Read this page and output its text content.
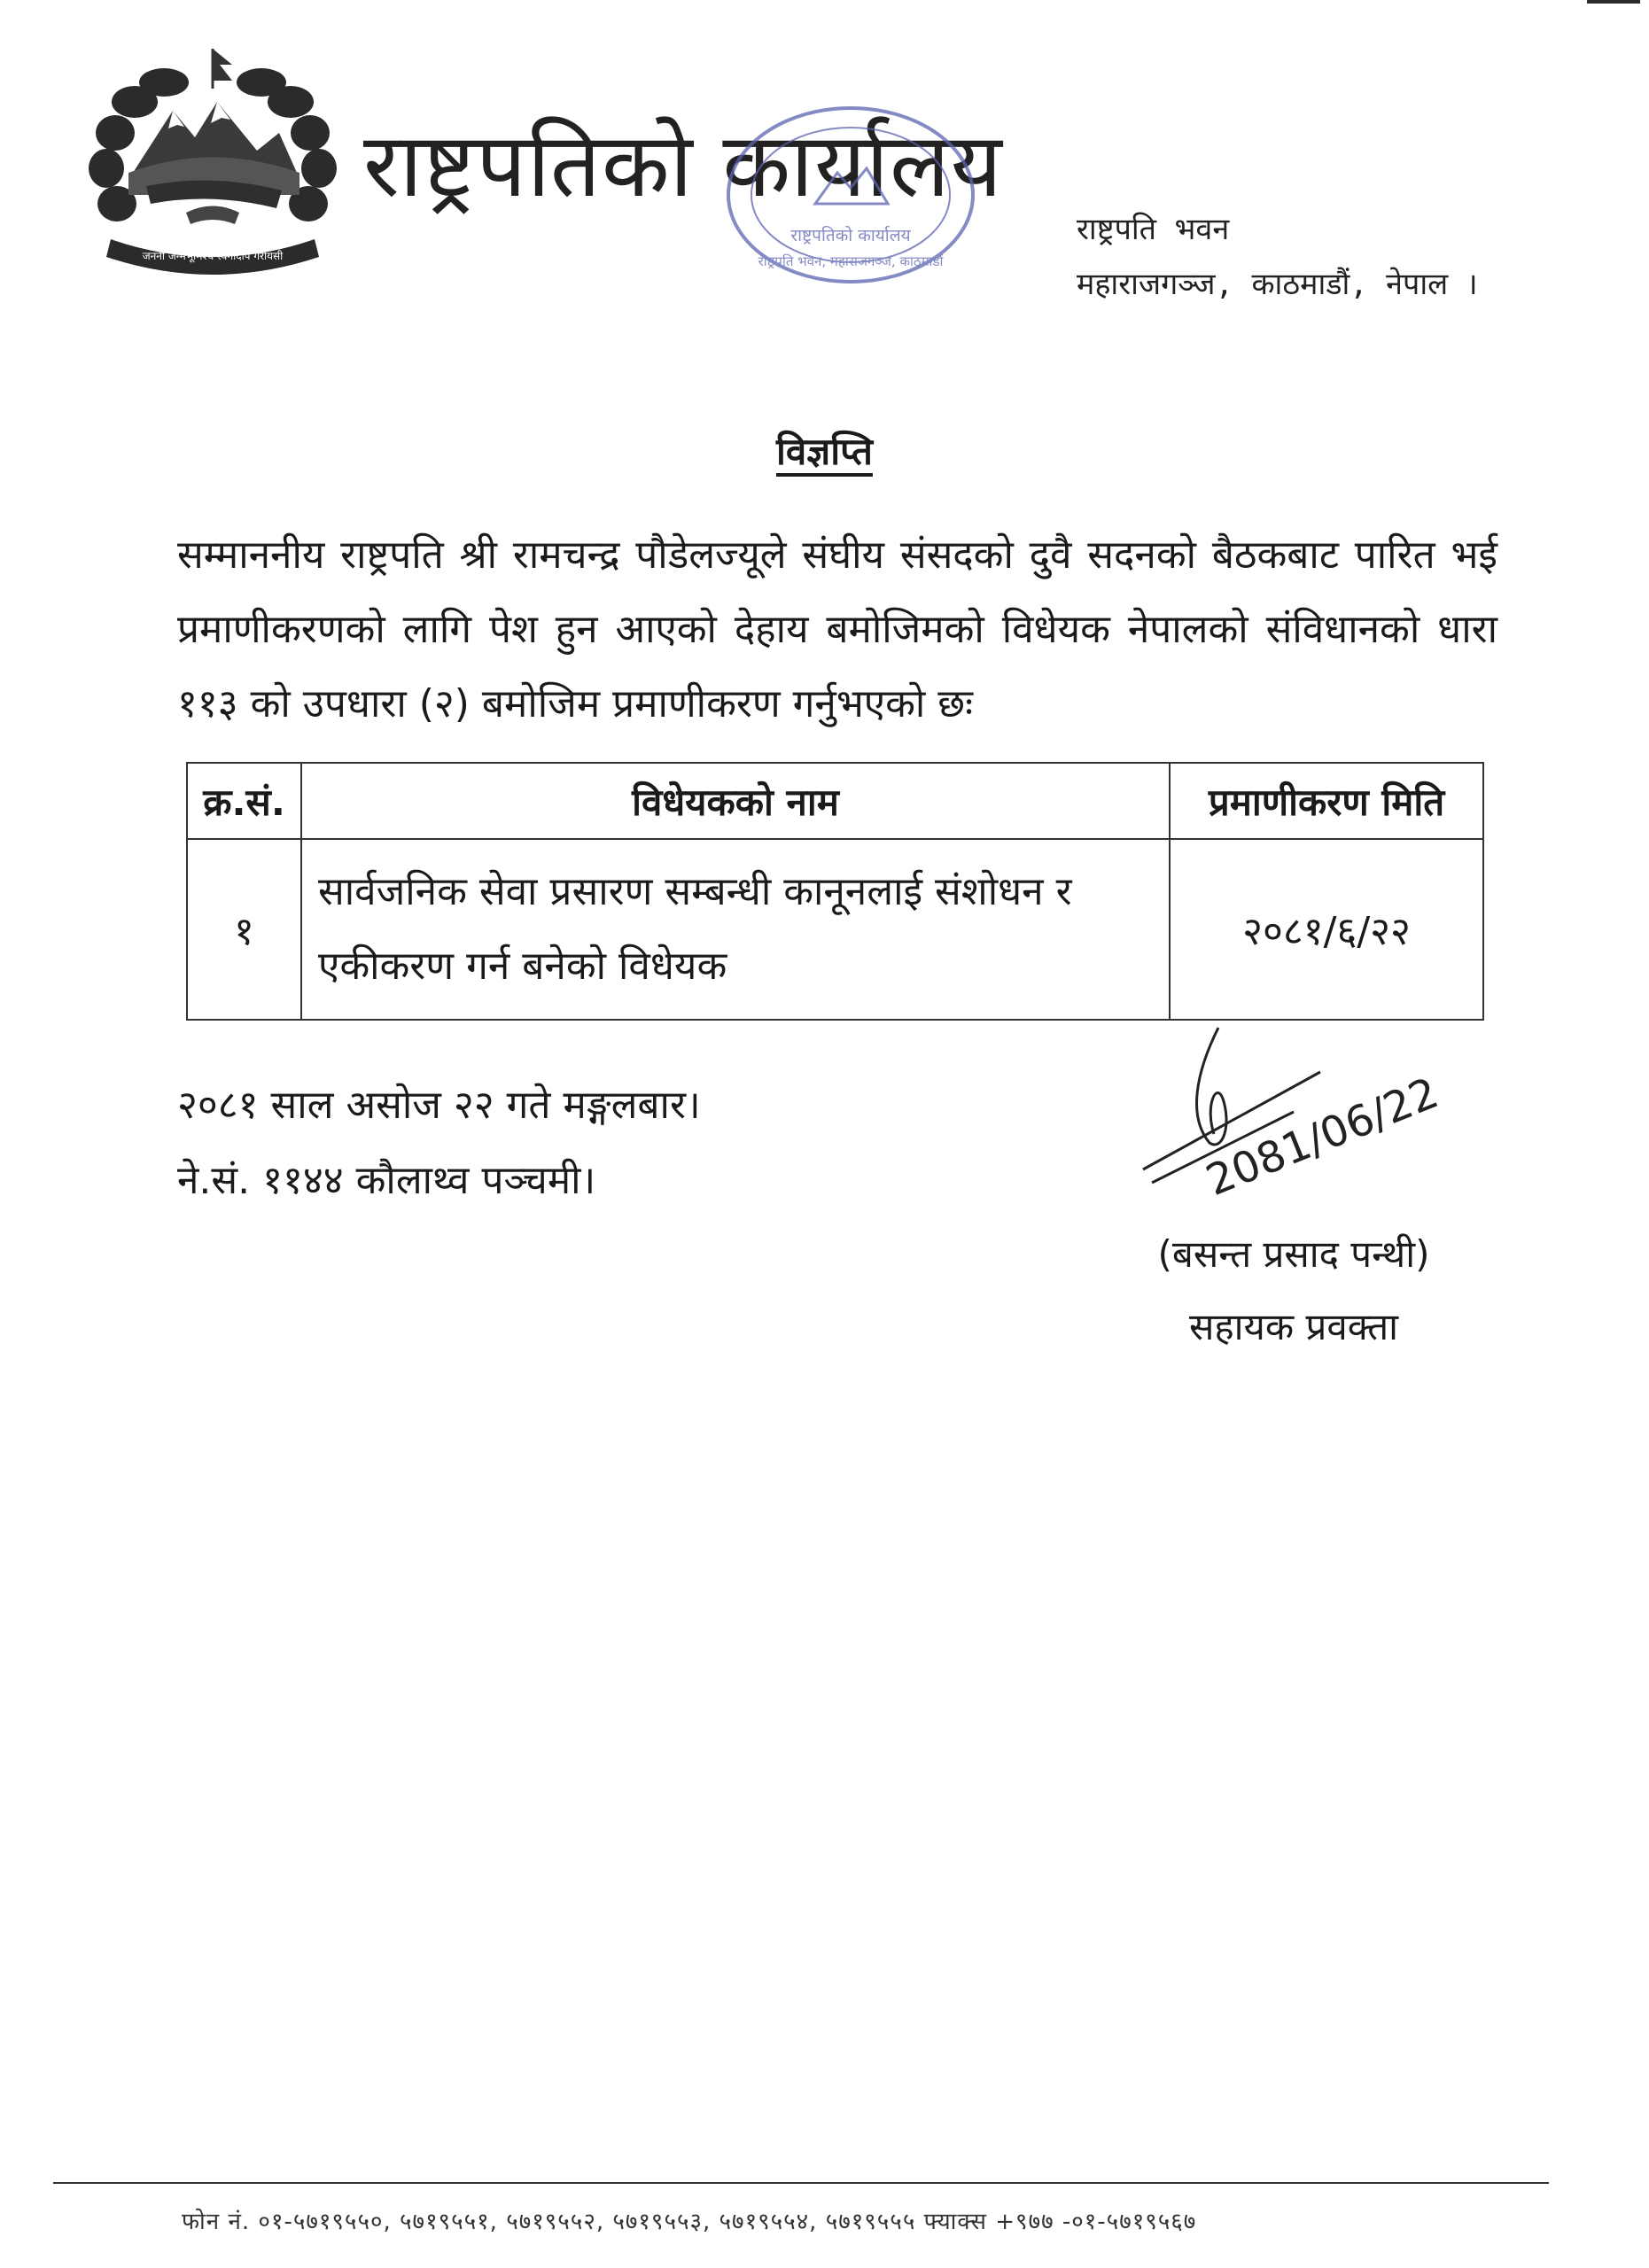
जननी जन्मभूमिश्च स्वर्गादपि गरीयसी
राष्ट्रपतिको कार्यालय
राष्ट्रपतिको कार्यालय
राष्ट्रपति भवन, महाराजगञ्ज, काठमाडौं
राष्ट्रपति भवन
महाराजगञ्ज, काठमाडौं, नेपाल ।
विज्ञप्ति
सम्माननीय राष्ट्रपति श्री रामचन्द्र पौडेलज्यूले संघीय संसदको दुवै सदनको बैठकबाट पारित भई प्रमाणीकरणको लागि पेश हुन आएको देहाय बमोजिमको विधेयक नेपालको संविधानको धारा ११३ को उपधारा (२) बमोजिम प्रमाणीकरण गर्नुभएको छः
क्र.सं.	विधेयकको नाम	प्रमाणीकरण मिति
१	सार्वजनिक सेवा प्रसारण सम्बन्धी कानूनलाई संशोधन र एकीकरण गर्न बनेको विधेयक	२०८१/६/२२
२०८१ साल असोज २२ गते मङ्गलबार।
ने.सं. ११४४ कौलाथ्व पञ्चमी।	2081/06/22
(बसन्त प्रसाद पन्थी)
सहायक प्रवक्ता
फोन नं. ०१-५७१९५५०, ५७१९५५१, ५७१९५५२, ५७१९५५३, ५७१९५५४, ५७१९५५५ फ्याक्स +९७७ -०१-५७१९५६७
